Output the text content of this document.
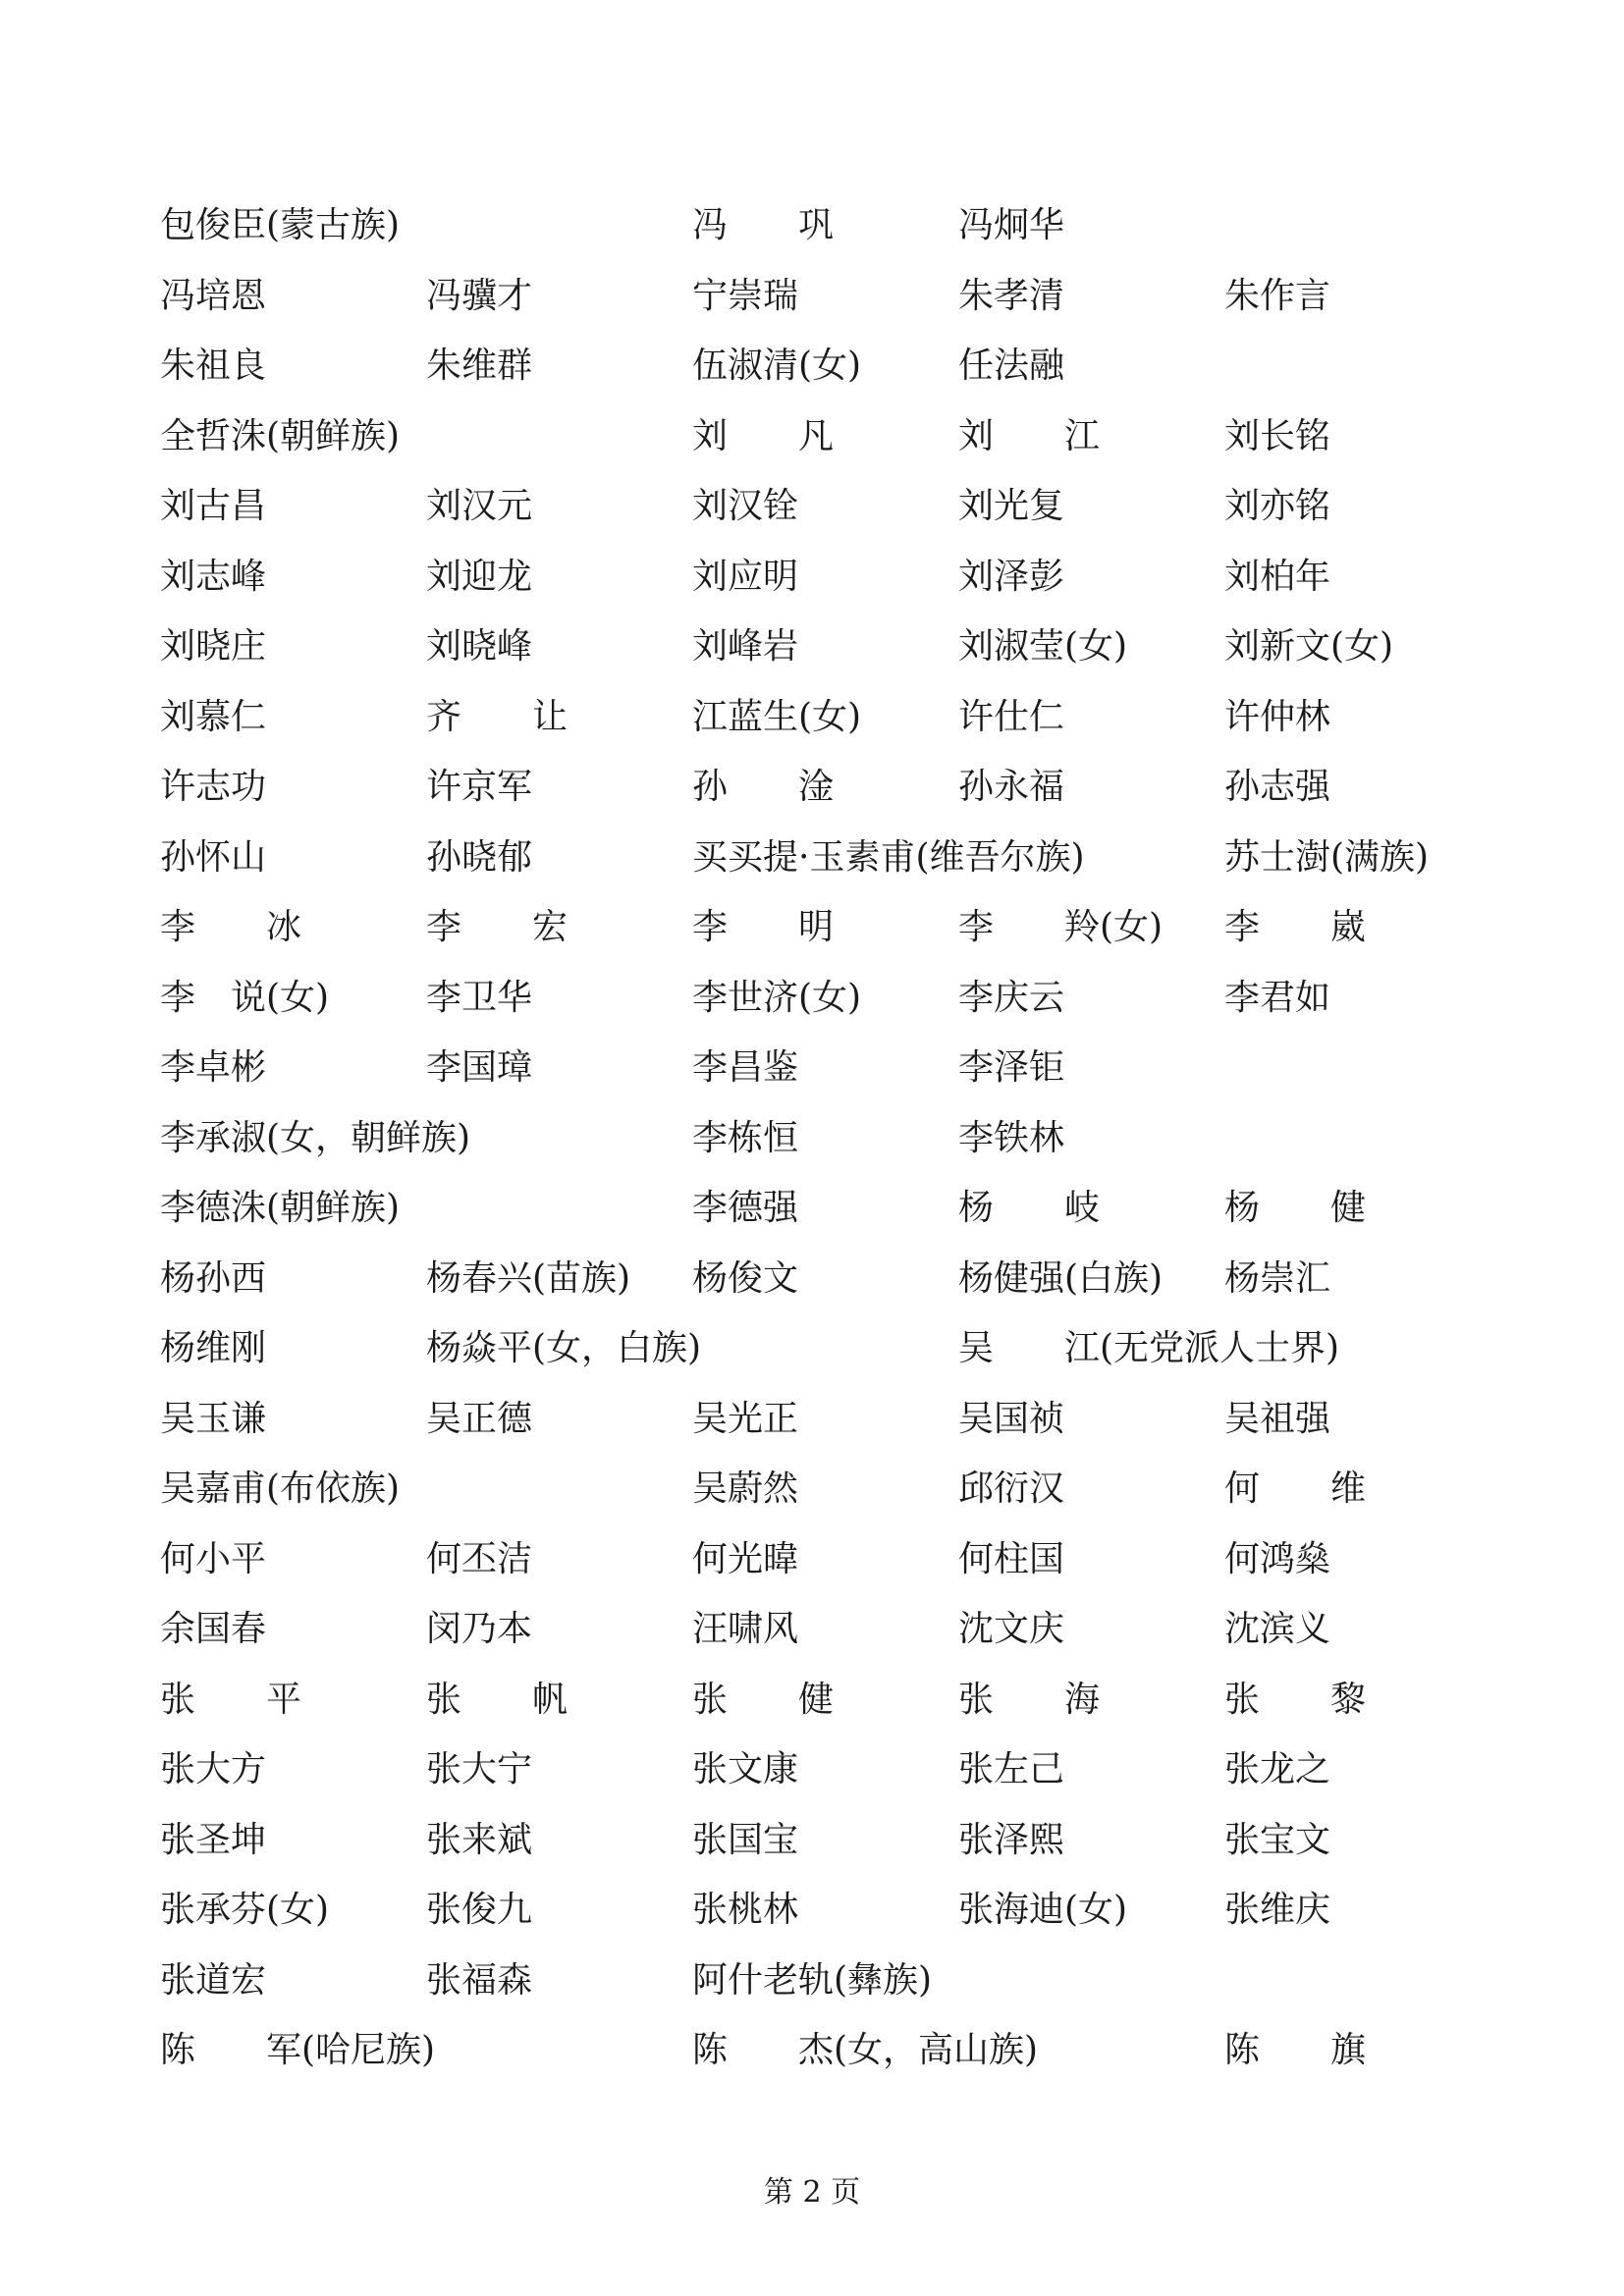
包俊臣(蒙古族)	冯　　巩	冯炯华
冯培恩	冯骥才	宁崇瑞	朱孝清	朱作言
朱祖良	朱维群	伍淑清(女)	任法融
全哲洙(朝鲜族)	刘　　凡	刘　　江	刘长铭
刘古昌	刘汉元	刘汉铨	刘光复	刘亦铭
刘志峰	刘迎龙	刘应明	刘泽彭	刘柏年
刘晓庄	刘晓峰	刘峰岩	刘淑莹(女)	刘新文(女)
刘慕仁	齐　　让	江蓝生(女)	许仕仁	许仲林
许志功	许京军	孙　　淦	孙永福	孙志强
孙怀山	孙晓郁	买买提·玉素甫(维吾尔族)	苏士澍(满族)
李　　冰	李　　宏	李　　明	李　　羚(女) 李　　崴
李　说(女)	李卫华	李世济(女)	李庆云	李君如
李卓彬	李国璋	李昌鉴	李泽钜
李承淑(女，朝鲜族)	李栋恒	李铁林
李德洙(朝鲜族)	李德强	杨　　岐	杨　　健
杨孙西	杨春兴(苗族) 杨俊文	杨健强(白族) 杨崇汇
杨维刚	杨焱平(女，白族)	吴　　江(无党派人士界)
吴玉谦	吴正德	吴光正	吴国祯	吴祖强
吴嘉甫(布依族)	吴蔚然	邱衍汉	何　　维
何小平	何丕洁	何光暐	何柱国	何鸿燊
余国春	闵乃本	汪啸风	沈文庆	沈滨义
张　　平	张　　帆	张　　健	张　　海	张　　黎
张大方	张大宁	张文康	张左己	张龙之
张圣坤	张来斌	张国宝	张泽熙	张宝文
张承芬(女)	张俊九	张桃林	张海迪(女)	张维庆
张道宏	张福森	阿什老轨(彝族)
陈　　军(哈尼族)	陈　　杰(女，高山族)	陈　　旗
第 2 页
